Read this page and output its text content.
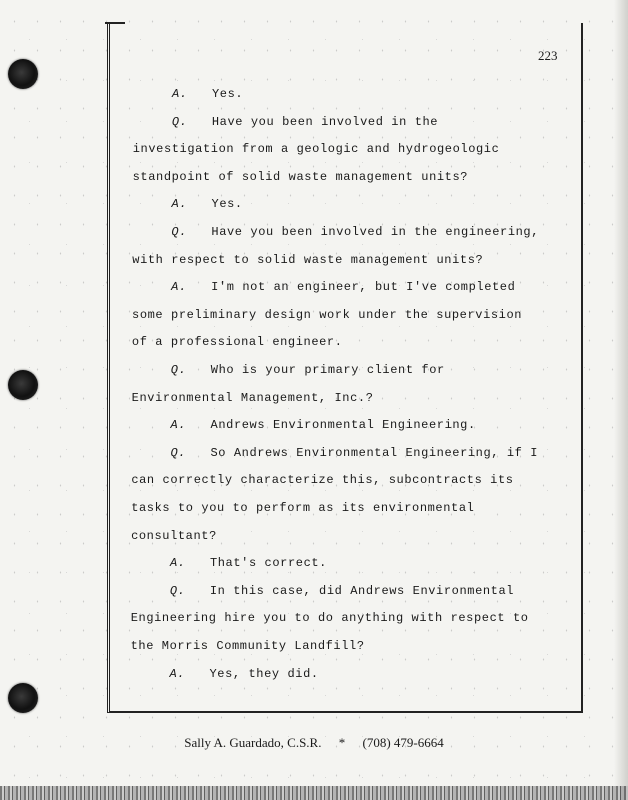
223
A. Yes.
Q. Have you been involved in the
investigation from a geologic and hydrogeologic
standpoint of solid waste management units?
A. Yes.
Q. Have you been involved in the engineering,
with respect to solid waste management units?
A. I'm not an engineer, but I've completed
some preliminary design work under the supervision
of a professional engineer.
Q. Who is your primary client for
Environmental Management, Inc.?
A. Andrews Environmental Engineering.
Q. So Andrews Environmental Engineering, if I
can correctly characterize this, subcontracts its
tasks to you to perform as its environmental
consultant?
A. That's correct.
Q. In this case, did Andrews Environmental
Engineering hire you to do anything with respect to
the Morris Community Landfill?
A. Yes, they did.
Sally A. Guardado, C.S.R. * (708) 479-6664
